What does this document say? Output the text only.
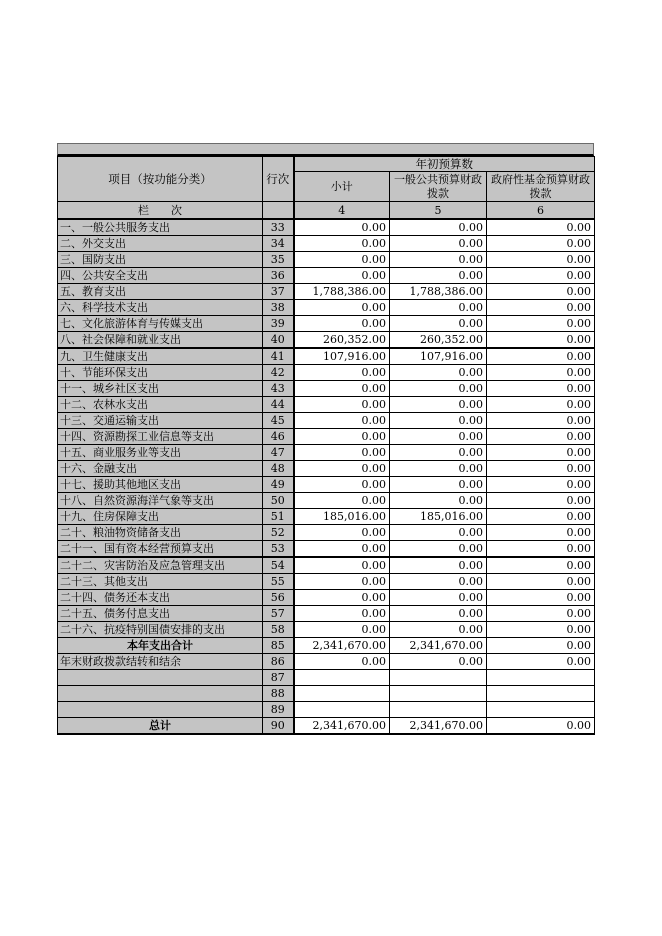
项目（按功能分类）	行次	年初预算数		
		小计	一般公共预算财政拨款	政府性基金预算财政拨款
栏　　次		4	5	6
一、一般公共服务支出	33	0.00	0.00	0.00
二、外交支出	34	0.00	0.00	0.00
三、国防支出	35	0.00	0.00	0.00
四、公共安全支出	36	0.00	0.00	0.00
五、教育支出	37	1,788,386.00	1,788,386.00	0.00
六、科学技术支出	38	0.00	0.00	0.00
七、文化旅游体育与传媒支出	39	0.00	0.00	0.00
八、社会保障和就业支出	40	260,352.00	260,352.00	0.00
九、卫生健康支出	41	107,916.00	107,916.00	0.00
十、节能环保支出	42	0.00	0.00	0.00
十一、城乡社区支出	43	0.00	0.00	0.00
十二、农林水支出	44	0.00	0.00	0.00
十三、交通运输支出	45	0.00	0.00	0.00
十四、资源勘探工业信息等支出	46	0.00	0.00	0.00
十五、商业服务业等支出	47	0.00	0.00	0.00
十六、金融支出	48	0.00	0.00	0.00
十七、援助其他地区支出	49	0.00	0.00	0.00
十八、自然资源海洋气象等支出	50	0.00	0.00	0.00
十九、住房保障支出	51	185,016.00	185,016.00	0.00
二十、粮油物资储备支出	52	0.00	0.00	0.00
二十一、国有资本经营预算支出	53	0.00	0.00	0.00
二十二、灾害防治及应急管理支出	54	0.00	0.00	0.00
二十三、其他支出	55	0.00	0.00	0.00
二十四、债务还本支出	56	0.00	0.00	0.00
二十五、债务付息支出	57	0.00	0.00	0.00
二十六、抗疫特别国债安排的支出	58	0.00	0.00	0.00
本年支出合计	85	2,341,670.00	2,341,670.00	0.00
年末财政拨款结转和结余	86	0.00	0.00	0.00
	87			
	88			
	89			
总计	90	2,341,670.00	2,341,670.00	0.00
